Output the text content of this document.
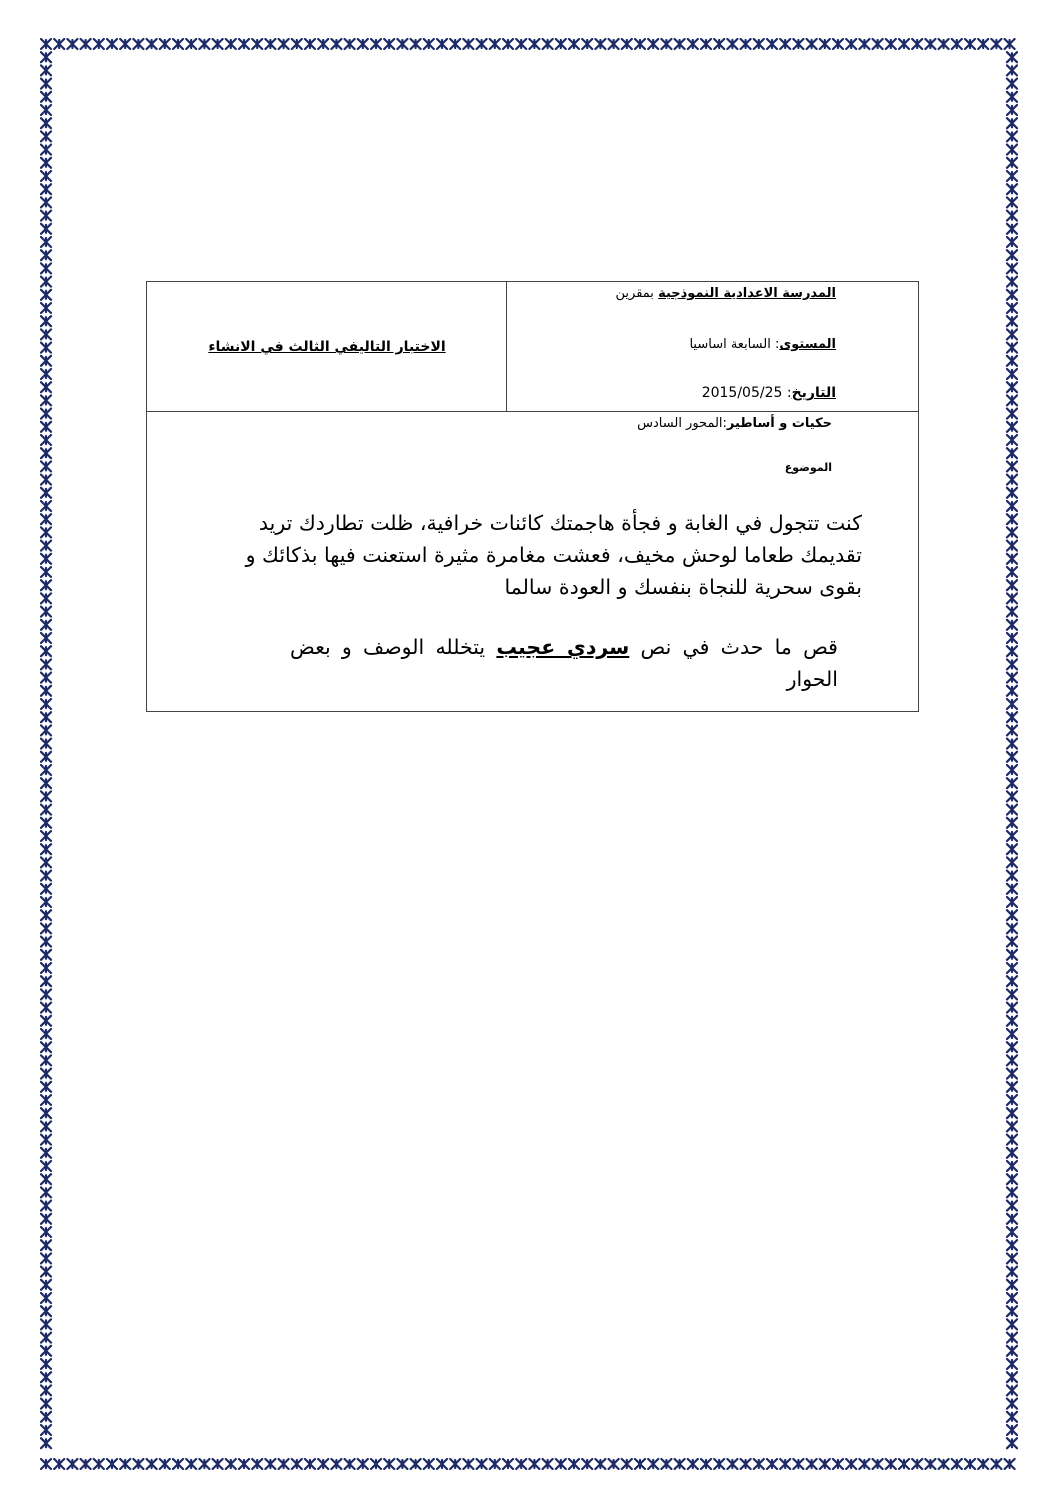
المدرسة الاعدادية النموذجية بمقرين
المستوى: السابعة اساسيا
التاريخ: 2015/05/25
الاختبار التاليفي الثالث في الانشاء
حكيات و أساطير:المحور السادس
الموضوع
كنت تتجول في الغابة و فجأة هاجمتك كائنات خرافية، ظلت تطاردك تريد تقديمك طعاما لوحش مخيف، فعشت مغامرة مثيرة استعنت فيها بذكائك و بقوى سحرية للنجاة بنفسك و العودة سالما
قص ما حدث في نص سردي عجيب يتخلله الوصف و بعض الحوار
